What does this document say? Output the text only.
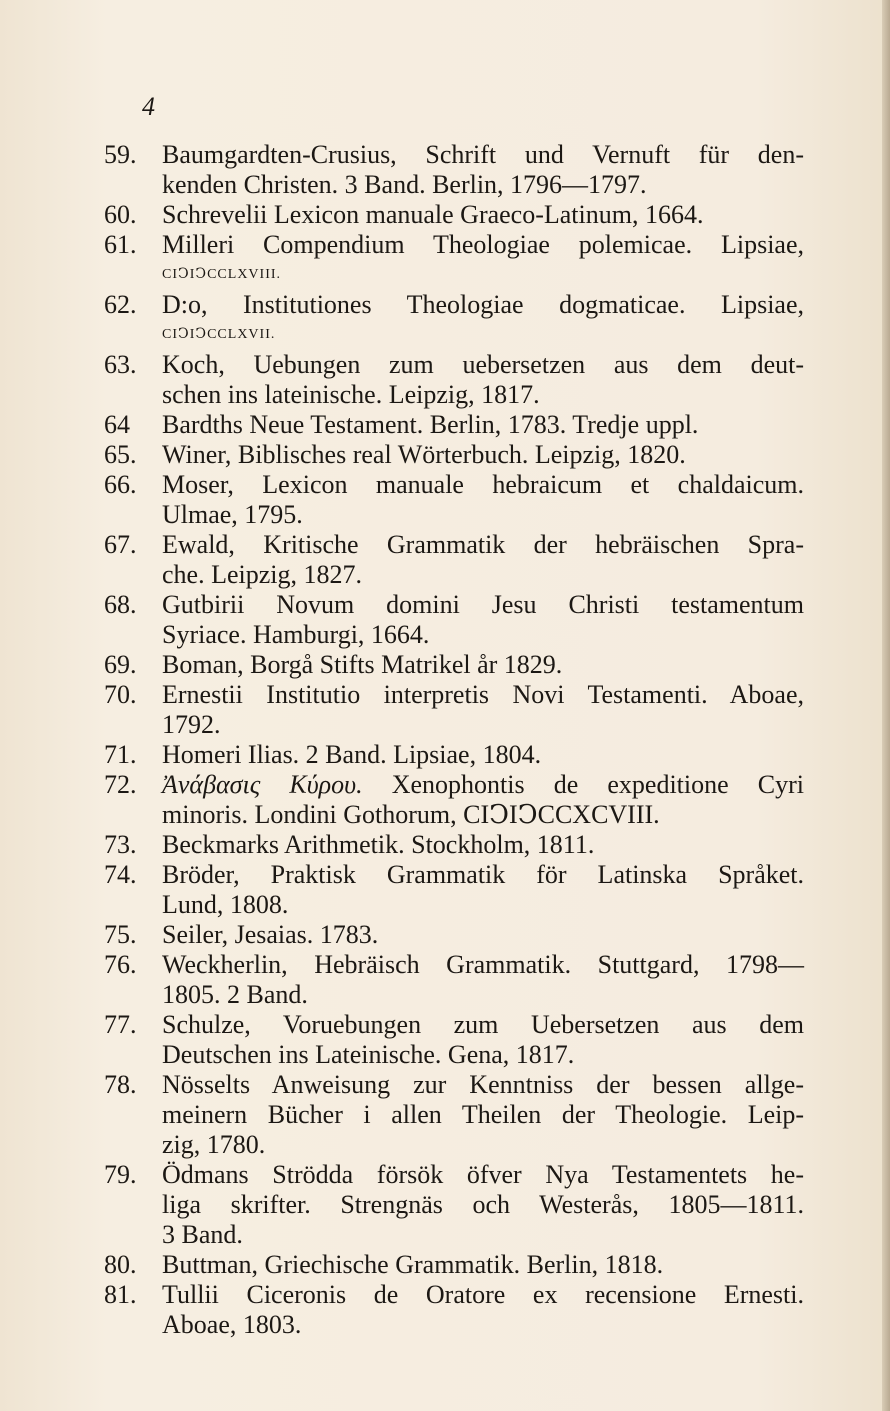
4
59. Baumgardten-Crusius, Schrift und Vernuft für den-
kenden Christen. 3 Band. Berlin, 1796—1797.
60. Schrevelii Lexicon manuale Graeco-Latinum, 1664.
61. Milleri Compendium Theologiae polemicae. Lipsiae,
CIↃIↃCCLXVIII.
62. D:o, Institutiones Theologiae dogmaticae. Lipsiae,
CIↃIↃCCLXVII.
63. Koch, Uebungen zum uebersetzen aus dem deut-
schen ins lateinische. Leipzig, 1817.
64	Bardths Neue Testament. Berlin, 1783. Tredje uppl.
65. Winer, Biblisches real Wörterbuch. Leipzig, 1820.
66. Moser, Lexicon manuale hebraicum et chaldaicum.
Ulmae, 1795.
67. Ewald, Kritische Grammatik der hebräischen Spra-
che. Leipzig, 1827.
68. Gutbirii Novum domini Jesu Christi testamentum
Syriace. Hamburgi, 1664.
69. Boman, Borgå Stifts Matrikel år 1829.
70. Ernestii Institutio interpretis Novi Testamenti. Aboae,
1792.
71. Homeri Ilias. 2 Band. Lipsiae, 1804.
72. Ἀνάβασις Κύρου. Xenophontis de expeditione Cyri
minoris. Londini Gothorum, CIↃIↃCCXCVIII.
73. Beckmarks Arithmetik. Stockholm, 1811.
74. Bröder, Praktisk Grammatik för Latinska Språket.
Lund, 1808.
75. Seiler, Jesaias. 1783.
76. Weckherlin, Hebräisch Grammatik. Stuttgard, 1798—
1805. 2 Band.
77. Schulze, Voruebungen zum Uebersetzen aus dem
Deutschen ins Lateinische. Gena, 1817.
78. Nösselts Anweisung zur Kenntniss der bessen allge-
meinern Bücher i allen Theilen der Theologie. Leip-
zig, 1780.
79. Ödmans Strödda försök öfver Nya Testamentets he-
liga skrifter. Strengnäs och Westerås, 1805—1811.
3 Band.
80. Buttman, Griechische Grammatik. Berlin, 1818.
81. Tullii Ciceronis de Oratore ex recensione Ernesti.
Aboae, 1803.
